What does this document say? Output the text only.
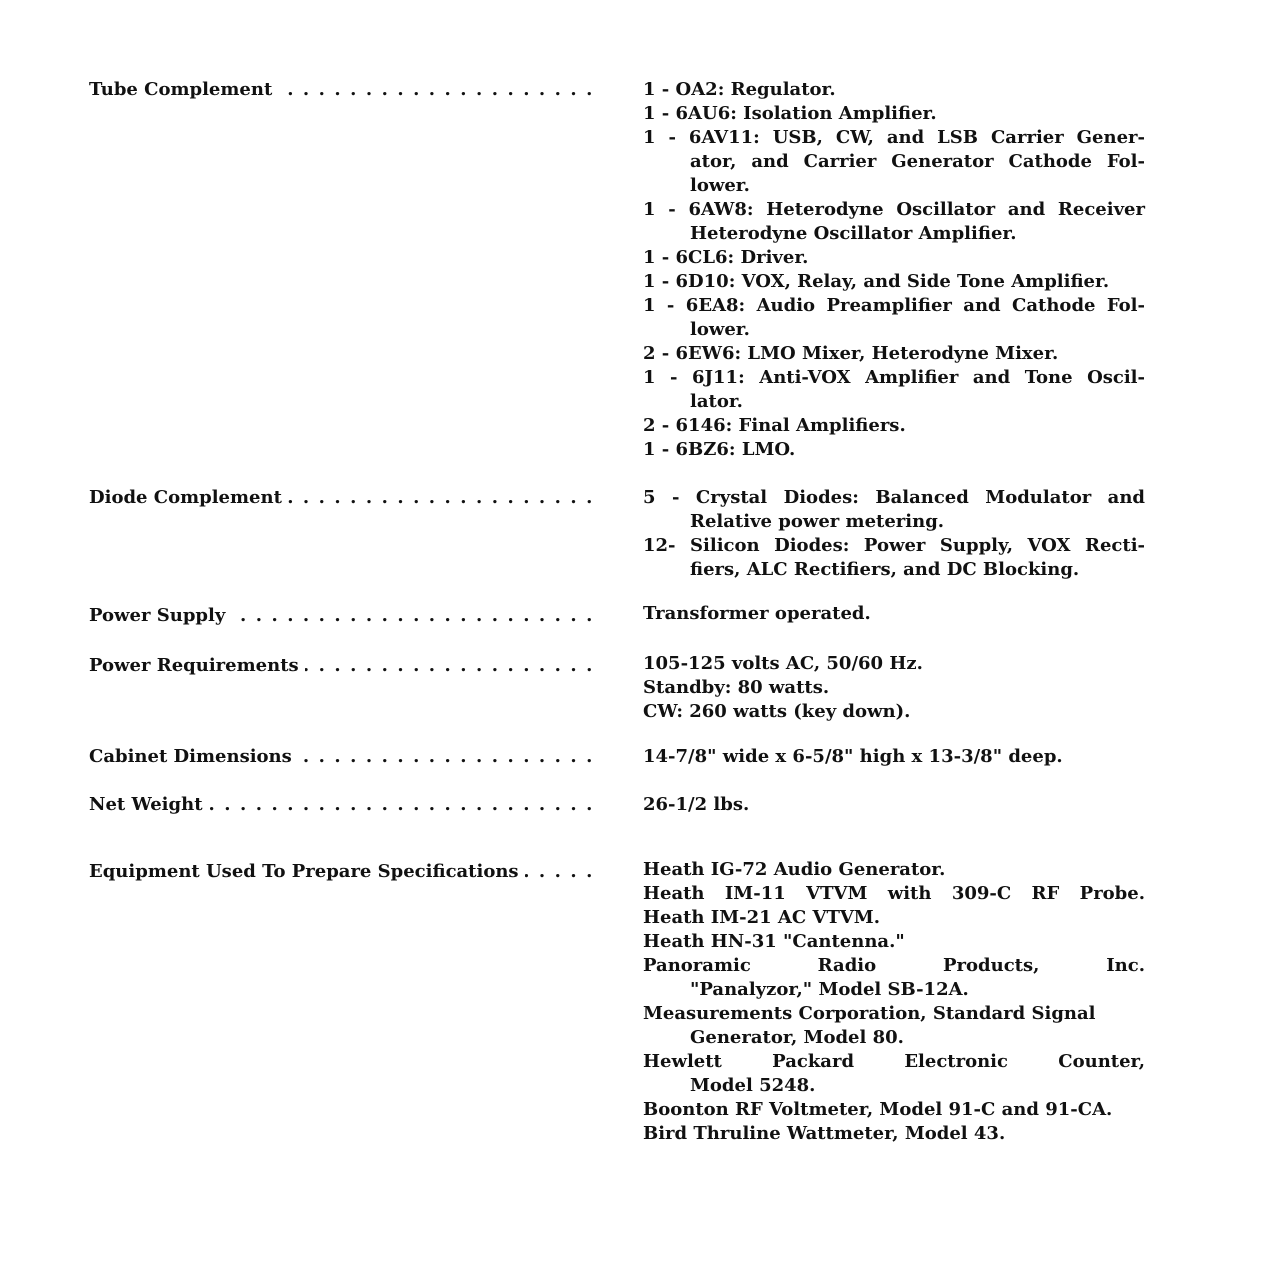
Tube Complement . . .	1 - OA2: Regulator.
1 - 6AU6: Isolation Amplifier.
1 - 6AV11: USB, CW, and LSB Carrier Gener-
ator, and Carrier Generator Cathode Fol-
lower.
1 - 6AW8: Heterodyne Oscillator and Receiver
Heterodyne Oscillator Amplifier.
1 - 6CL6: Driver.
1 - 6D10: VOX, Relay, and Side Tone Amplifier.
1 - 6EA8: Audio Preamplifier and Cathode Fol-
lower.
2 - 6EW6: LMO Mixer, Heterodyne Mixer.
1 - 6J11: Anti-VOX Amplifier and Tone Oscil-
lator.
2 - 6146: Final Amplifiers.
1 - 6BZ6: LMO.
Diode Complement . . .	5 - Crystal Diodes: Balanced Modulator and
Relative power metering.
12- Silicon Diodes: Power Supply, VOX Recti-
fiers, ALC Rectifiers, and DC Blocking.
Power Supply . . .	Transformer operated.
Power Requirements . . .	105-125 volts AC, 50/60 Hz.
Standby: 80 watts.
CW: 260 watts (key down).
Cabinet Dimensions . . .	14-7/8" wide x 6-5/8" high x 13-3/8" deep.
Net Weight . . .	26-1/2 lbs.
Equipment Used To Prepare Specifications . . .	Heath IG-72 Audio Generator.
Heath IM-11 VTVM with 309-C RF Probe.
Heath IM-21 AC VTVM.
Heath HN-31 "Cantenna."
Panoramic Radio Products, Inc.
"Panalyzor," Model SB-12A.
Measurements Corporation, Standard Signal
Generator, Model 80.
Hewlett Packard Electronic Counter,
Model 5248.
Boonton RF Voltmeter, Model 91-C and 91-CA.
Bird Thruline Wattmeter, Model 43.
